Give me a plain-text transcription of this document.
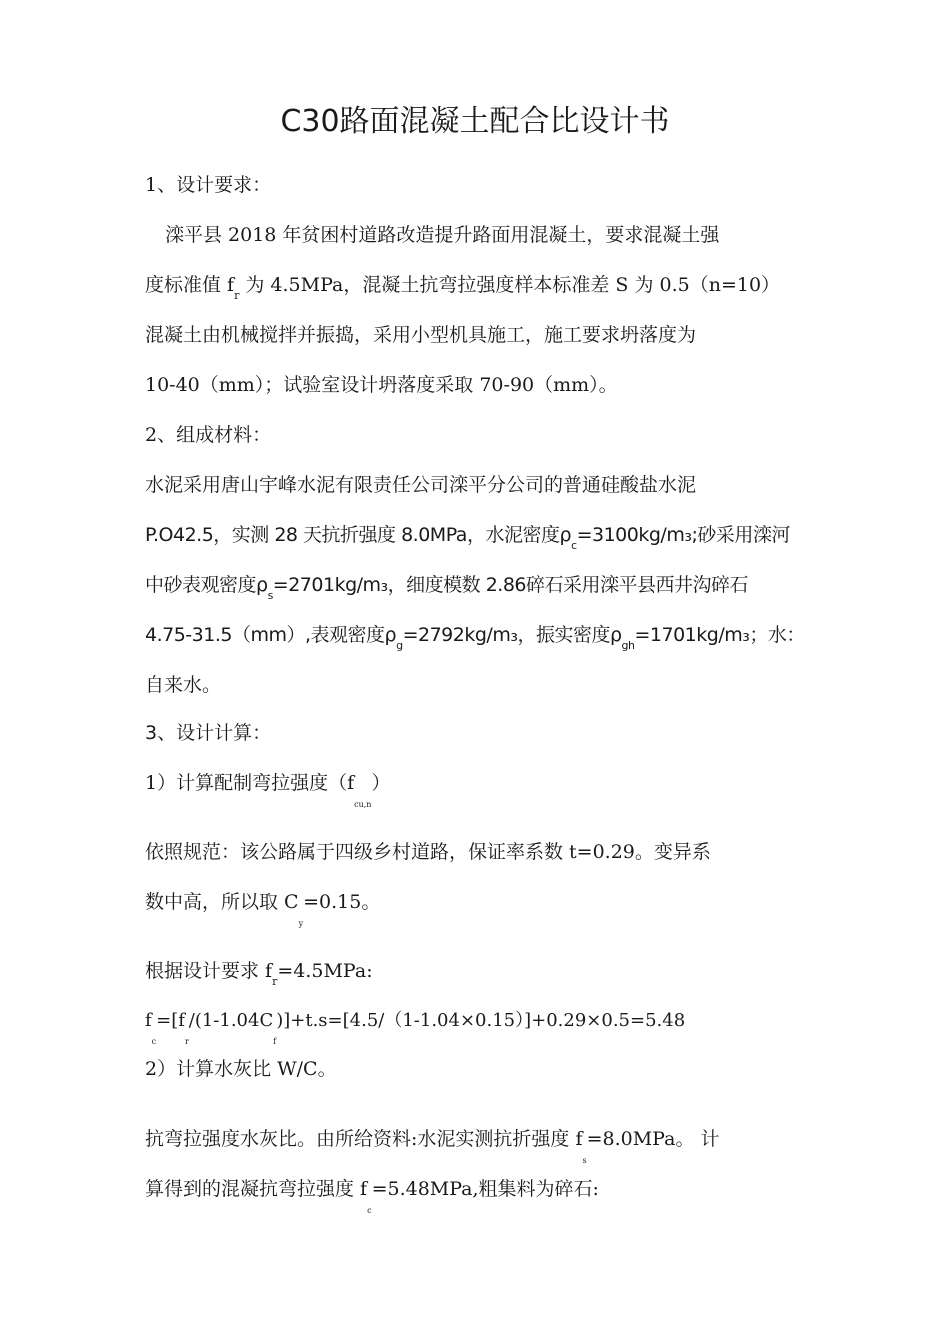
C30路面混凝土配合比设计书
1、设计要求：
滦平县 2018 年贫困村道路改造提升路面用混凝土，要求混凝土强
度标准值 $f_r$ 为 4.5MPa，混凝土抗弯拉强度样本标准差 S 为 0.5（n=10）
混凝土由机械搅拌并振捣，采用小型机具施工，施工要求坍落度为
10-40（mm）；试验室设计坍落度采取 70-90（mm）。
2、组成材料：
水泥采用唐山宇峰水泥有限责任公司滦平分公司的普通硅酸盐水泥
P.O42.5，实测 28 天抗折强度 8.0MPa，水泥密度$\rho_c=3100kg/m_3$;砂采用滦河
中砂表观密度$\rho_s=2701kg/m_3$，细度模数 2.86碎石采用滦平县西井沟碎石
4.75-31.5（mm）,表观密度$\rho_g=2792kg/m_3$，振实密度$\rho_{gh}=1701kg/m_3$；水：
自来水。
3、设计计算：
1）计算配制弯拉强度$(f_{cu,n})$
依照规范：该公路属于四级乡村道路，保证率系数 t=0.29。变异系
数中高，所以取 $C_y=0.15$。
根据设计要求 $f_r=4.5MPa$:
$f_c=[f_r/(1-1.04C_f)]+t.s=[4.5/(1-1.04\times 0.15)]+0.29\times 0.5=5.48$
2）计算水灰比 W/C。
抗弯拉强度水灰比。由所给资料:水泥实测抗折强度 $f_s=8.0MPa$。 计
算得到的混凝抗弯拉强度 $f_c=5.48MPa$,粗集料为碎石:
